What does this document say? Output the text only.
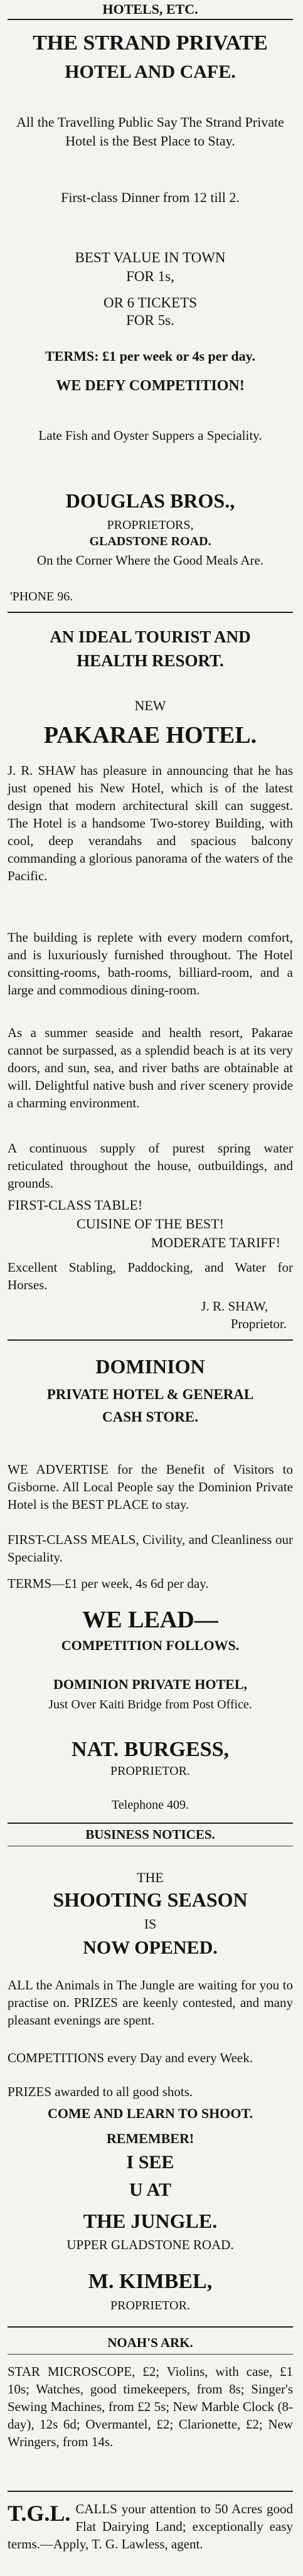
HOTELS, ETC.
THE STRAND PRIVATE
HOTEL AND CAFE.
All the Travelling Public Say The Strand Private Hotel is the Best Place to Stay.
First-class Dinner from 12 till 2.
BEST VALUE IN TOWN
FOR 1s,
OR 6 TICKETS
FOR 5s.
TERMS: £1 per week or 4s per day.
WE DEFY COMPETITION!
Late Fish and Oyster Suppers a Speciality.
DOUGLAS BROS.,
PROPRIETORS,
GLADSTONE ROAD.
On the Corner Where the Good Meals Are.
'PHONE 96.
AN IDEAL TOURIST AND
HEALTH RESORT.
NEW
PAKARAE HOTEL.
J. R. SHAW has pleasure in announcing that he has just opened his New Hotel, which is of the latest design that modern architectural skill can suggest. The Hotel is a handsome Two-storey Building, with cool, deep verandahs and spacious balcony commanding a glorious panorama of the waters of the Pacific.
The building is replete with every modern comfort, and is luxuriously furnished throughout. The Hotel consitting-rooms, bath-rooms, billiard-room, and a large and commodious dining-room.
As a summer seaside and health resort, Pakarae cannot be surpassed, as a splendid beach is at its very doors, and sun, sea, and river baths are obtainable at will. Delightful native bush and river scenery provide a charming environment.
A continuous supply of purest spring water reticulated throughout the house, outbuildings, and grounds.
FIRST-CLASS TABLE!
CUISINE OF THE BEST!
MODERATE TARIFF!
Excellent Stabling, Paddocking, and Water for Horses.
J. R. SHAW,
Proprietor.
DOMINION
PRIVATE HOTEL & GENERAL
CASH STORE.
WE ADVERTISE for the Benefit of Visitors to Gisborne. All Local People say the Dominion Private Hotel is the BEST PLACE to stay.
FIRST-CLASS MEALS, Civility, and Cleanliness our Speciality.
TERMS—£1 per week, 4s 6d per day.
WE LEAD—
COMPETITION FOLLOWS.
DOMINION PRIVATE HOTEL,
Just Over Kaiti Bridge from Post Office.
NAT. BURGESS,
PROPRIETOR.
Telephone 409.
BUSINESS NOTICES.
THE
SHOOTING SEASON
IS
NOW OPENED.
ALL the Animals in The Jungle are waiting for you to practise on. PRIZES are keenly contested, and many pleasant evenings are spent.
COMPETITIONS every Day and every Week.
PRIZES awarded to all good shots.
COME AND LEARN TO SHOOT.
REMEMBER!
I SEE
U AT
THE JUNGLE.
UPPER GLADSTONE ROAD.
M. KIMBEL,
PROPRIETOR.
NOAH'S ARK.
STAR MICROSCOPE, £2; Violins, with case, £1 10s; Watches, good timekeepers, from 8s; Singer's Sewing Machines, from £2 5s; New Marble Clock (8-day), 12s 6d; Overmantel, £2; Clarionette, £2; New Wringers, from 14s.
T.G.L. CALLS your attention to 50 Acres good Flat Dairying Land; exceptionally easy terms.—Apply, T. G. Lawless, agent.
